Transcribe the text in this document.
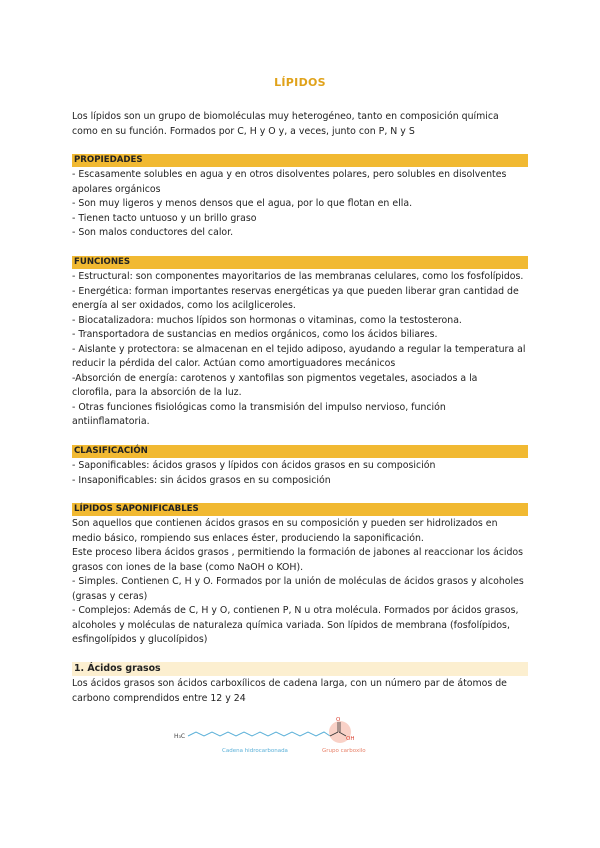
LÍPIDOS
Los lípidos son un grupo de biomoléculas muy heterogéneo, tanto en composición química
como en su función. Formados por C, H y O y, a veces, junto con P, N y S
PROPIEDADES
- Escasamente solubles en agua y en otros disolventes polares, pero solubles en disolventes
apolares orgánicos
- Son muy ligeros y menos densos que el agua, por lo que flotan en ella.
- Tienen tacto untuoso y un brillo graso
- Son malos conductores del calor.
FUNCIONES
- Estructural: son componentes mayoritarios de las membranas celulares, como los fosfolípidos.
- Energética: forman importantes reservas energéticas ya que pueden liberar gran cantidad de
energía al ser oxidados, como los acilgliceroles.
- Biocatalizadora: muchos lípidos son hormonas o vitaminas, como la testosterona.
- Transportadora de sustancias en medios orgánicos, como los ácidos biliares.
- Aislante y protectora: se almacenan en el tejido adiposo, ayudando a regular la temperatura al
reducir la pérdida del calor. Actúan como amortiguadores mecánicos
-Absorción de energía: carotenos y xantofilas son pigmentos vegetales, asociados a la
clorofila, para la absorción de la luz.
- Otras funciones fisiológicas como la transmisión del impulso nervioso, función
antiinflamatoria.
CLASIFICACIÓN
- Saponificables: ácidos grasos y lípidos con ácidos grasos en su composición
- Insaponificables: sin ácidos grasos en su composición
LÍPIDOS SAPONIFICABLES
Son aquellos que contienen ácidos grasos en su composición y pueden ser hidrolizados en
medio básico, rompiendo sus enlaces éster, produciendo la saponificación.
Este proceso libera ácidos grasos , permitiendo la formación de jabones al reaccionar los ácidos
grasos con iones de la base (como NaOH o KOH).
- Simples. Contienen C, H y O. Formados por la unión de moléculas de ácidos grasos y alcoholes
(grasas y ceras)
- Complejos: Además de C, H y O, contienen P, N u otra molécula. Formados por ácidos grasos,
alcoholes y moléculas de naturaleza química variada. Son lípidos de membrana (fosfolípidos,
esfingolípidos y glucolípidos)
1. Ácidos grasos
Los ácidos grasos son ácidos carboxílicos de cadena larga, con un número par de átomos de
carbono comprendidos entre 12 y 24
H₃C
O
OH
Cadena hidrocarbonada	Grupo carboxilo
